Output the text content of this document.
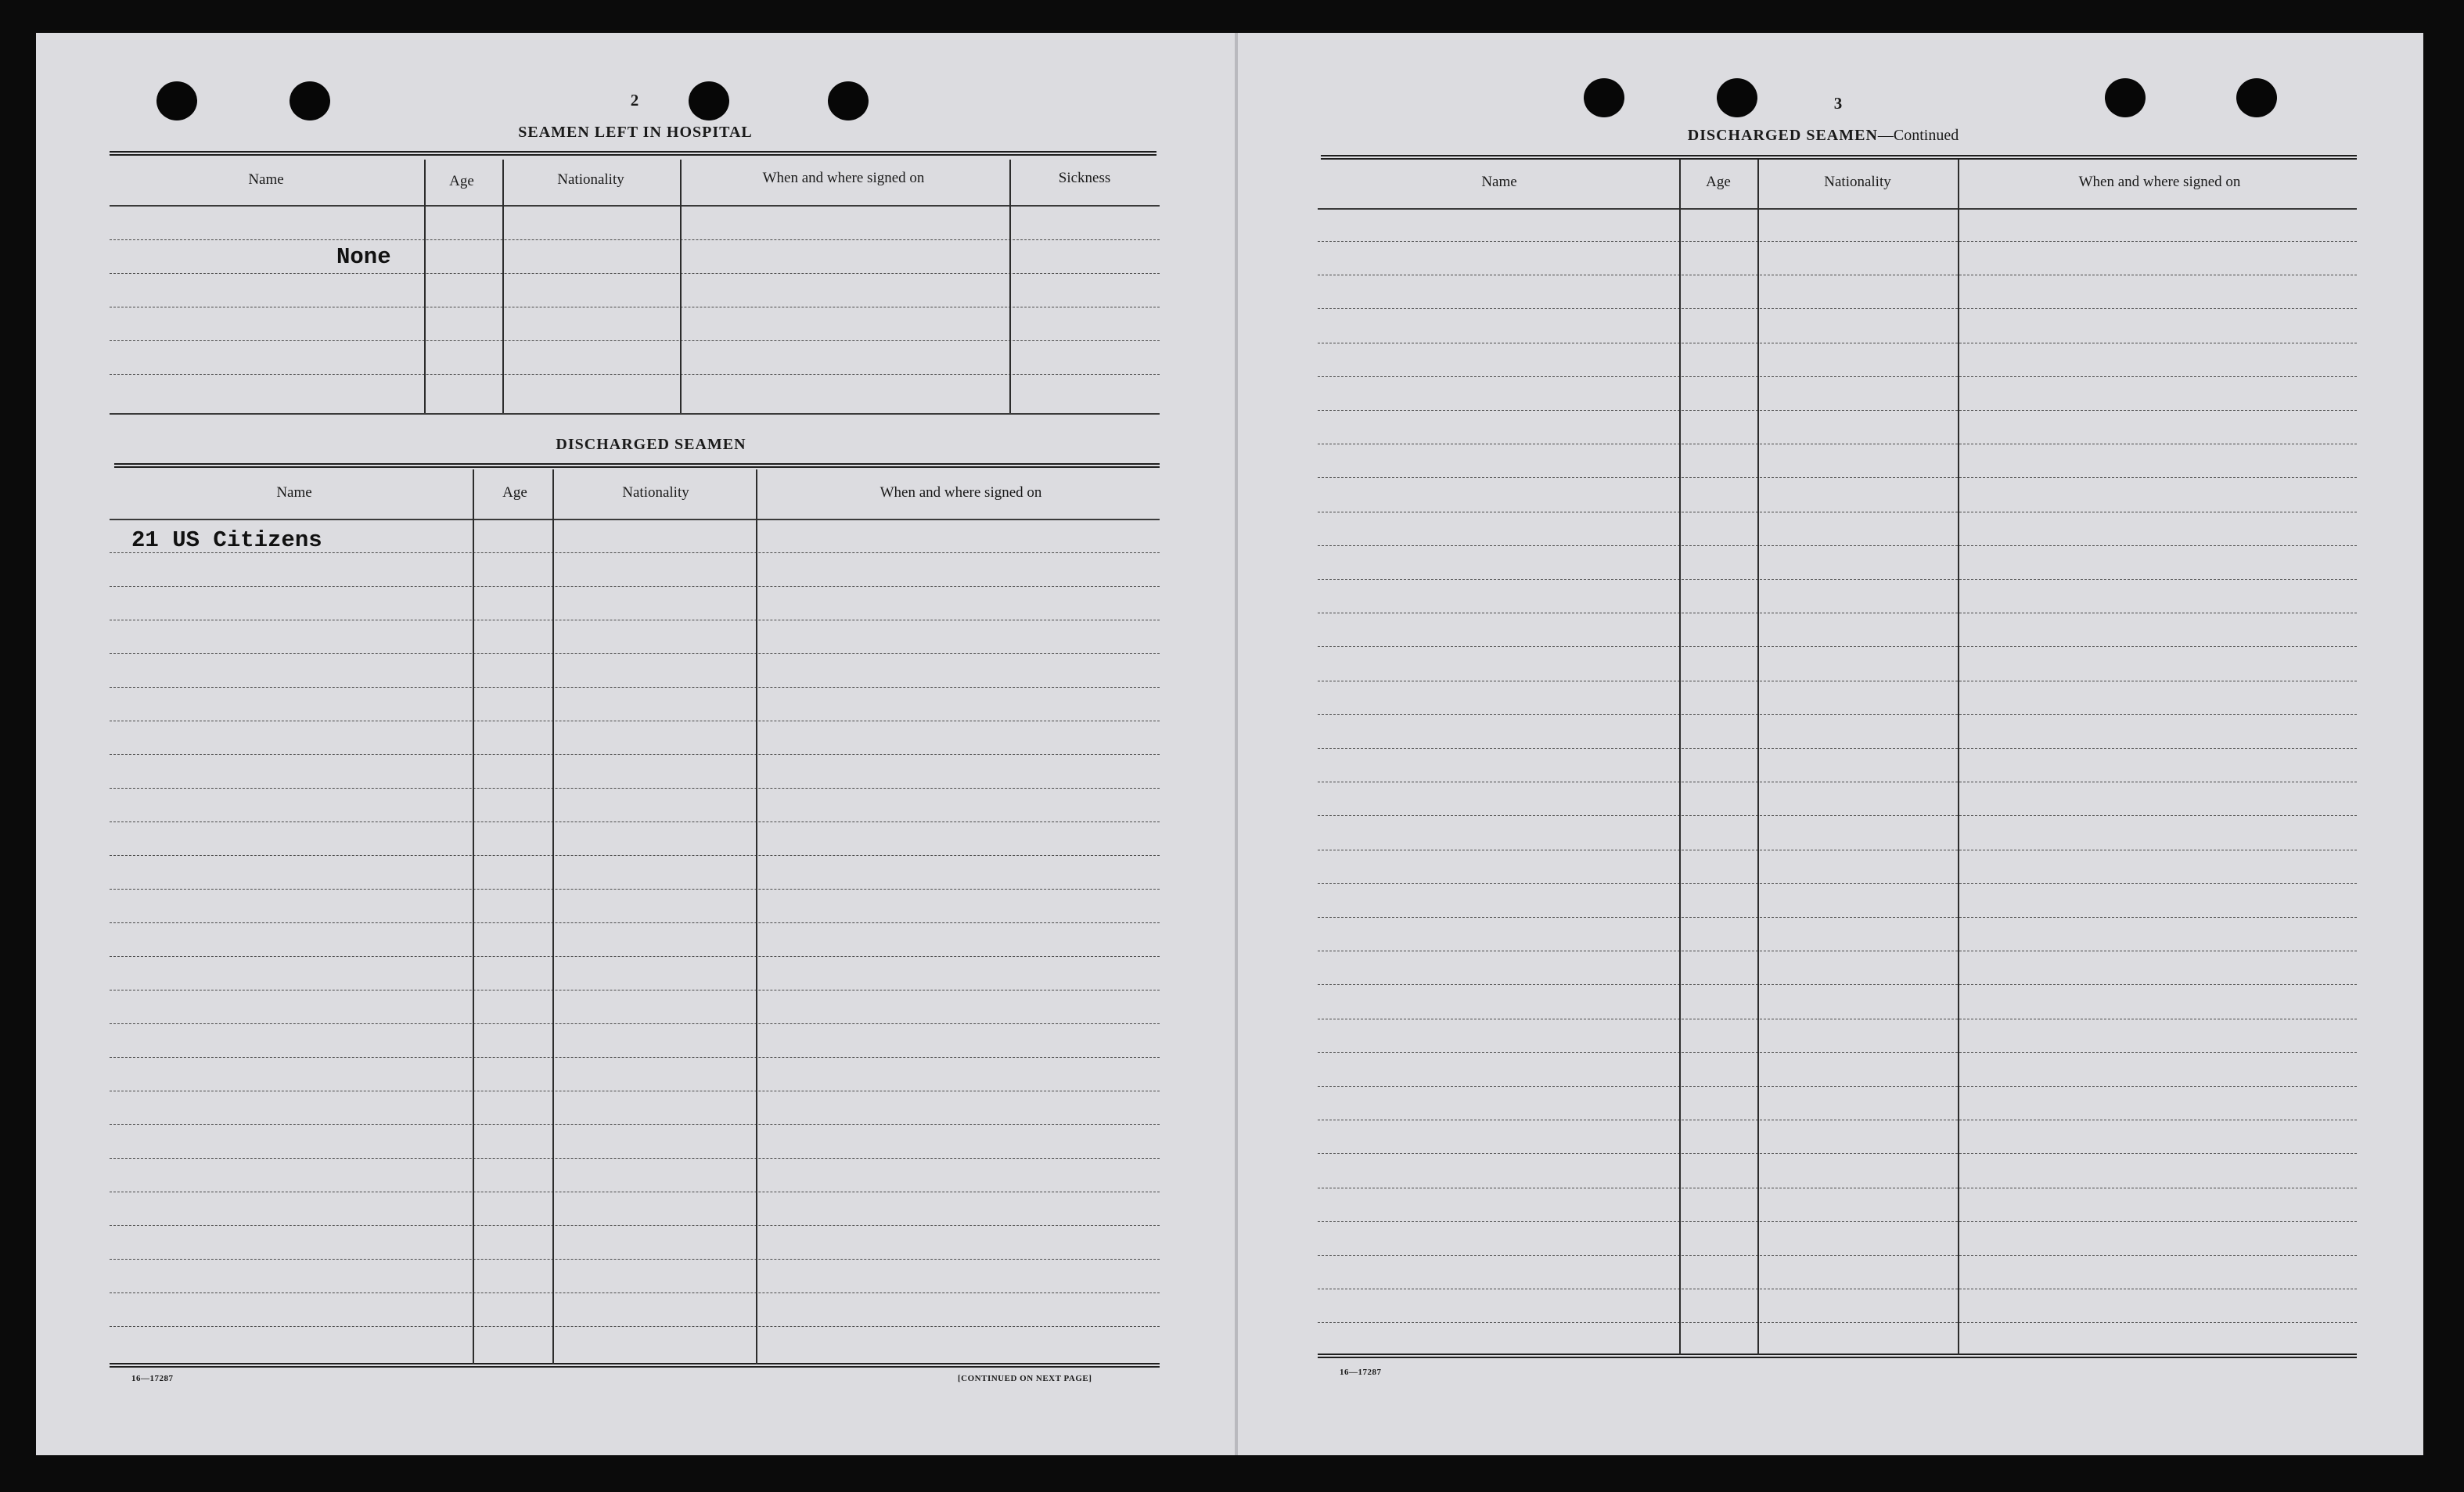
2
SEAMEN LEFT IN HOSPITAL
Name	Age	Nationality	When and where signed on	Sickness
None
DISCHARGED SEAMEN
Name	Age	Nationality	When and where signed on
21 US Citizens
16—17287	[CONTINUED ON NEXT PAGE]
3
DISCHARGED SEAMEN—Continued
Name	Age	Nationality	When and where signed on
16—17287
